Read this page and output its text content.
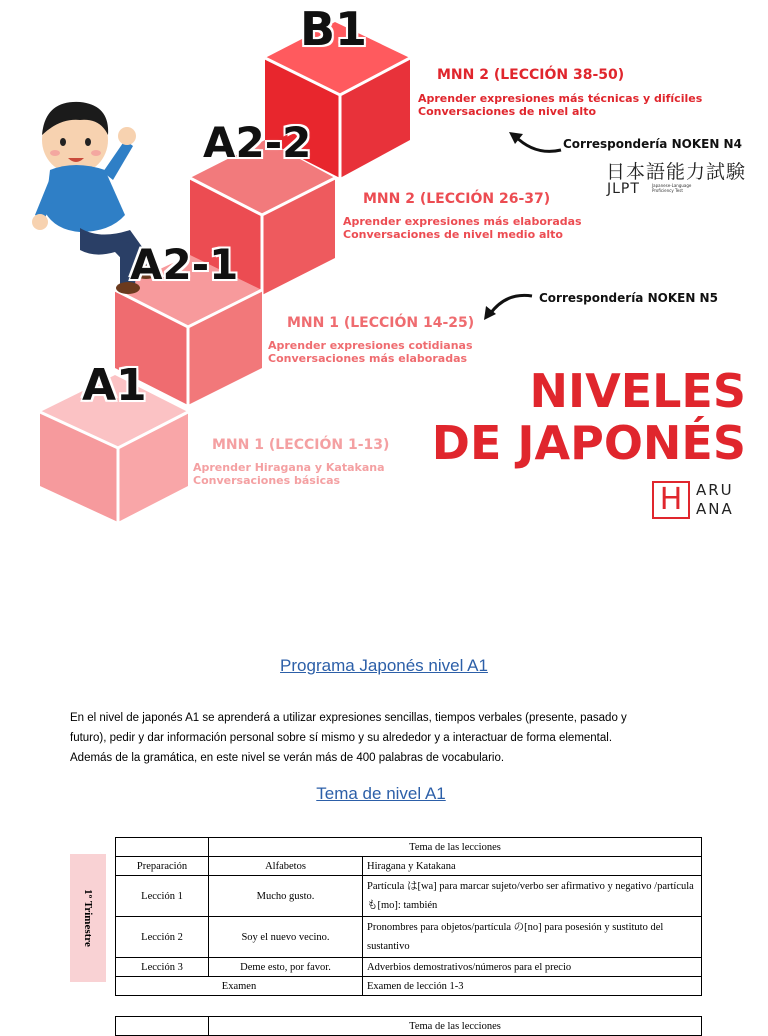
B1
A2-2
A2-1
A1
MNN 2 (LECCIÓN 38-50)
Aprender expresiones más técnicas y difíciles
Conversaciones de nivel alto
Correspondería NOKEN N4
日本語能力試験
JLPT	Japanese-Language Proficiency Test
MNN 2 (LECCIÓN 26-37)
Aprender expresiones más elaboradas
Conversaciones de nivel medio alto
Correspondería NOKEN N5
MNN 1 (LECCIÓN 14-25)
Aprender expresiones cotidianas
Conversaciones más elaboradas
MNN 1 (LECCIÓN 1-13)
Aprender Hiragana y Katakana
Conversaciones básicas
NIVELES
DE JAPONÉS
H ARU
ANA
Programa Japonés nivel A1
En el nivel de japonés A1 se aprenderá a utilizar expresiones sencillas, tiempos verbales (presente, pasado y
futuro), pedir y dar información personal sobre sí mismo y su alrededor y a interactuar de forma elemental.
Además de la gramática, en este nivel se verán más de 400 palabras de vocabulario.
Tema de nivel A1
1º Trimestre
	Tema de las lecciones	
Preparación	Alfabetos	Hiragana y Katakana
Lección 1	Mucho gusto.	Partícula は[wa] para marcar sujeto/verbo ser afirmativo y negativo /partícula も[mo]: también
Lección 2	Soy el nuevo vecino.	Pronombres para objetos/partícula の[no] para posesión y sustituto del sustantivo
Lección 3	Deme esto, por favor.	Adverbios demostrativos/números para el precio
Examen		Examen de lección 1-3
	Tema de las lecciones
